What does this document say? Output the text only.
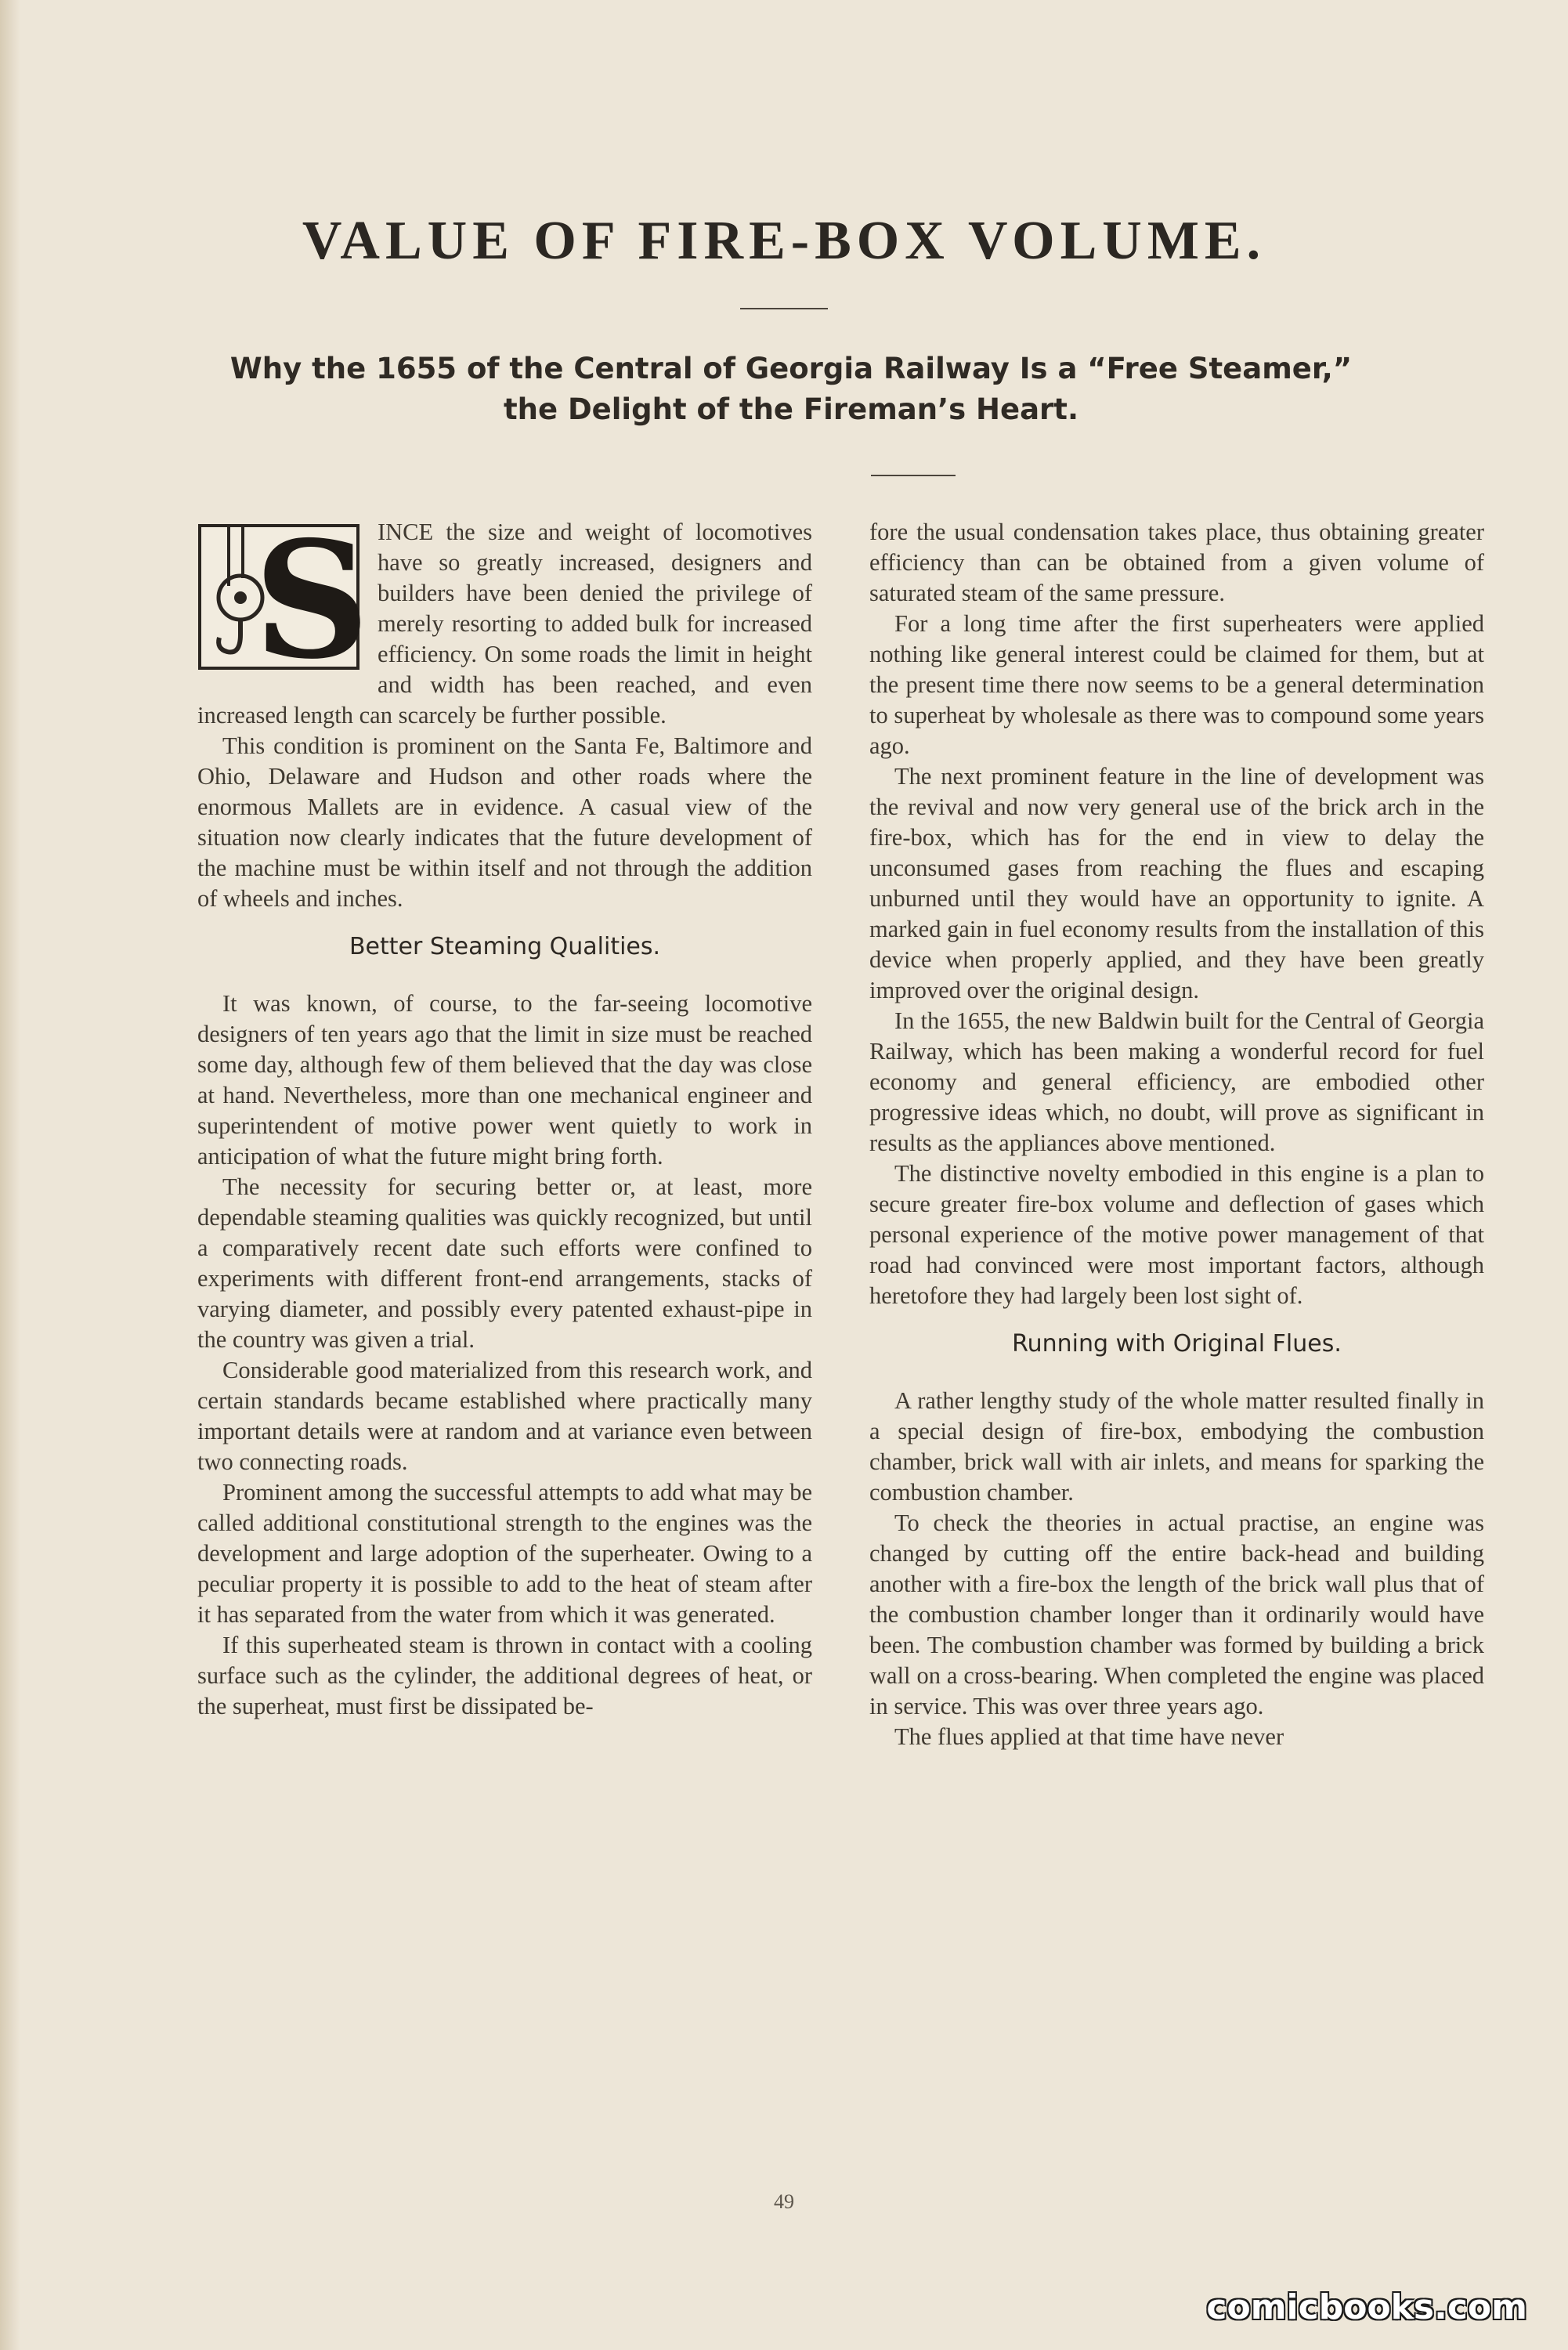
VALUE OF FIRE-BOX VOLUME.
Why the 1655 of the Central of Georgia Railway Is a “Free Steamer,”
the Delight of the Fireman’s Heart.
S INCE the size and weight of locomotives have so greatly increased, designers and builders have been denied the privilege of merely resorting to added bulk for increased efficiency. On some roads the limit in height and width has been reached, and even increased length can scarcely be further possible.

This condition is prominent on the Santa Fe, Baltimore and Ohio, Delaware and Hudson and other roads where the enormous Mallets are in evidence. A casual view of the situation now clearly indicates that the future development of the machine must be within itself and not through the addition of wheels and inches.

Better Steaming Qualities.

It was known, of course, to the far-seeing locomotive designers of ten years ago that the limit in size must be reached some day, although few of them believed that the day was close at hand. Nevertheless, more than one mechanical engineer and superintendent of motive power went quietly to work in anticipation of what the future might bring forth.

The necessity for securing better or, at least, more dependable steaming qualities was quickly recognized, but until a comparatively recent date such efforts were confined to experiments with different front-end arrangements, stacks of varying diameter, and possibly every patented exhaust-pipe in the country was given a trial.

Considerable good materialized from this research work, and certain standards became established where practically many important details were at random and at variance even between two connecting roads.

Prominent among the successful attempts to add what may be called additional constitutional strength to the engines was the development and large adoption of the superheater. Owing to a peculiar property it is possible to add to the heat of steam after it has separated from the water from which it was generated.

If this superheated steam is thrown in contact with a cooling surface such as the cylinder, the additional degrees of heat, or the superheat, must first be dissipated be-

fore the usual condensation takes place, thus obtaining greater efficiency than can be obtained from a given volume of saturated steam of the same pressure.

For a long time after the first superheaters were applied nothing like general interest could be claimed for them, but at the present time there now seems to be a general determination to superheat by wholesale as there was to compound some years ago.

The next prominent feature in the line of development was the revival and now very general use of the brick arch in the fire-box, which has for the end in view to delay the unconsumed gases from reaching the flues and escaping unburned until they would have an opportunity to ignite. A marked gain in fuel economy results from the installation of this device when properly applied, and they have been greatly improved over the original design.

In the 1655, the new Baldwin built for the Central of Georgia Railway, which has been making a wonderful record for fuel economy and general efficiency, are embodied other progressive ideas which, no doubt, will prove as significant in results as the appliances above mentioned.

The distinctive novelty embodied in this engine is a plan to secure greater fire-box volume and deflection of gases which personal experience of the motive power management of that road had convinced were most important factors, although heretofore they had largely been lost sight of.

Running with Original Flues.

A rather lengthy study of the whole matter resulted finally in a special design of fire-box, embodying the combustion chamber, brick wall with air inlets, and means for sparking the combustion chamber.

To check the theories in actual practise, an engine was changed by cutting off the entire back-head and building another with a fire-box the length of the brick wall plus that of the combustion chamber longer than it ordinarily would have been. The combustion chamber was formed by building a brick wall on a cross-bearing. When completed the engine was placed in service. This was over three years ago.

The flues applied at that time have never

49
comicbooks.com
